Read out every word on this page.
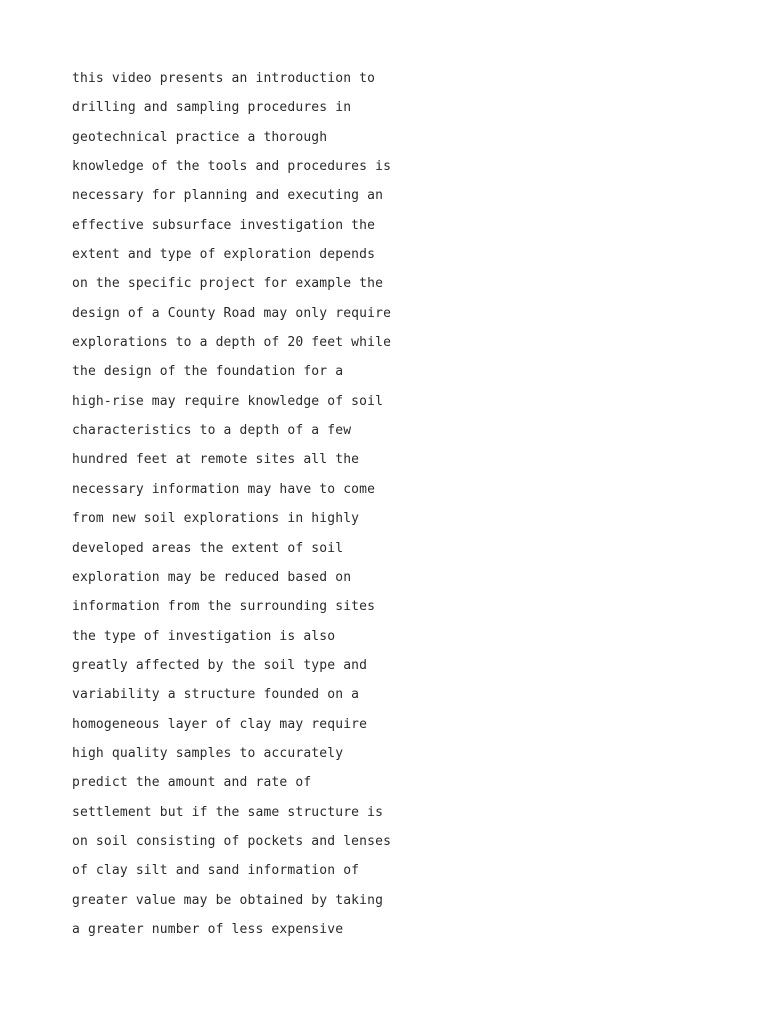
this video presents an introduction to
drilling and sampling procedures in
geotechnical practice a thorough
knowledge of the tools and procedures is
necessary for planning and executing an
effective subsurface investigation the
extent and type of exploration depends
on the specific project for example the
design of a County Road may only require
explorations to a depth of 20 feet while
the design of the foundation for a
high-rise may require knowledge of soil
characteristics to a depth of a few
hundred feet at remote sites all the
necessary information may have to come
from new soil explorations in highly
developed areas the extent of soil
exploration may be reduced based on
information from the surrounding sites
the type of investigation is also
greatly affected by the soil type and
variability a structure founded on a
homogeneous layer of clay may require
high quality samples to accurately
predict the amount and rate of
settlement but if the same structure is
on soil consisting of pockets and lenses
of clay silt and sand information of
greater value may be obtained by taking
a greater number of less expensive
